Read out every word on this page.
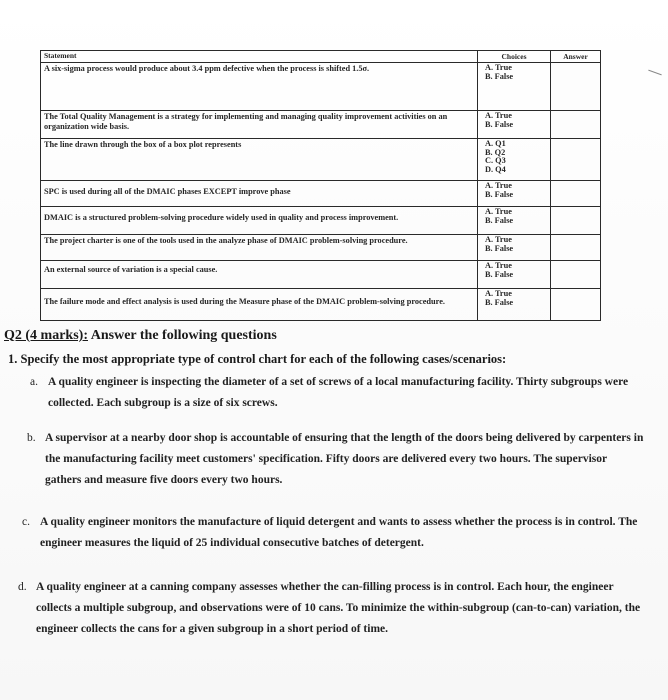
Statement	Choices	Answer
A six-sigma process would produce about 3.4 ppm defective when the process is shifted 1.5σ.	A. True
B. False	

The Total Quality Management is a strategy for implementing and managing quality improvement activities on an organization wide basis.	A. True
B. False	

The line drawn through the box of a box plot represents	A. Q1
B. Q2
C. Q3
D. Q4	

SPC is used during all of the DMAIC phases EXCEPT improve phase	A. True
B. False	

DMAIC is a structured problem-solving procedure widely used in quality and process improvement.	A. True
B. False	

The project charter is one of the tools used in the analyze phase of DMAIC problem-solving procedure.	A. True
B. False	

An external source of variation is a special cause.	A. True
B. False	

The failure mode and effect analysis is used during the Measure phase of the DMAIC problem-solving procedure.	A. True
B. False	

Q2 (4 marks): Answer the following questions
1. Specify the most appropriate type of control chart for each of the following cases/scenarios:
a. A quality engineer is inspecting the diameter of a set of screws of a local manufacturing facility. Thirty subgroups were collected. Each subgroup is a size of six screws.
b. A supervisor at a nearby door shop is accountable of ensuring that the length of the doors being delivered by carpenters in the manufacturing facility meet customers' specification. Fifty doors are delivered every two hours. The supervisor gathers and measure five doors every two hours.
c. A quality engineer monitors the manufacture of liquid detergent and wants to assess whether the process is in control. The engineer measures the liquid of 25 individual consecutive batches of detergent.
d. A quality engineer at a canning company assesses whether the can-filling process is in control. Each hour, the engineer collects a multiple subgroup, and observations were of 10 cans. To minimize the within-subgroup (can-to-can) variation, the engineer collects the cans for a given subgroup in a short period of time.
